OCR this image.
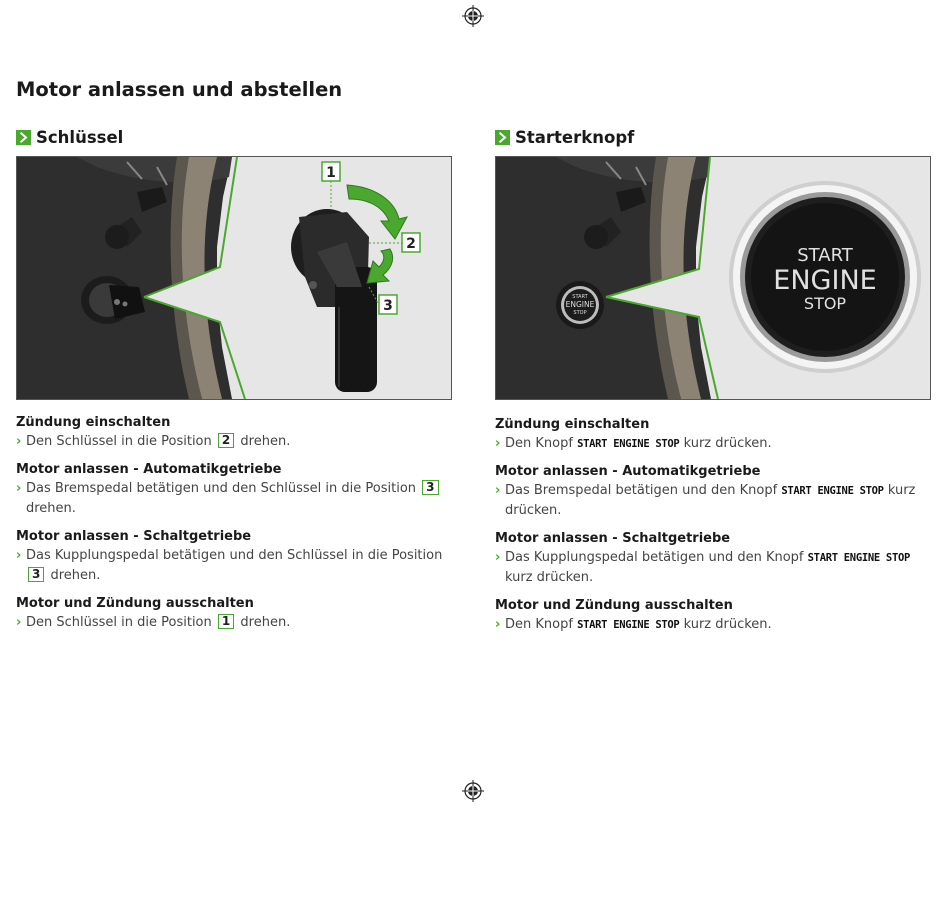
Motor anlassen und abstellen
Schlüssel
1
2
3
Zündung einschalten
› Den Schlüssel in die Position 2 drehen.
Motor anlassen - Automatikgetriebe
› Das Bremspedal betätigen und den Schlüssel in die Position 3 drehen.
Motor anlassen - Schaltgetriebe
› Das Kupplungspedal betätigen und den Schlüssel in die Position 3 drehen.
Motor und Zündung ausschalten
› Den Schlüssel in die Position 1 drehen.
Starterknopf
START
ENGINE
STOP
START
ENGINE
STOP
Zündung einschalten
› Den Knopf START ENGINE STOP kurz drücken.
Motor anlassen - Automatikgetriebe
› Das Bremspedal betätigen und den Knopf START ENGINE STOP kurz drücken.
Motor anlassen - Schaltgetriebe
› Das Kupplungspedal betätigen und den Knopf START ENGINE STOP kurz drücken.
Motor und Zündung ausschalten
› Den Knopf START ENGINE STOP kurz drücken.
